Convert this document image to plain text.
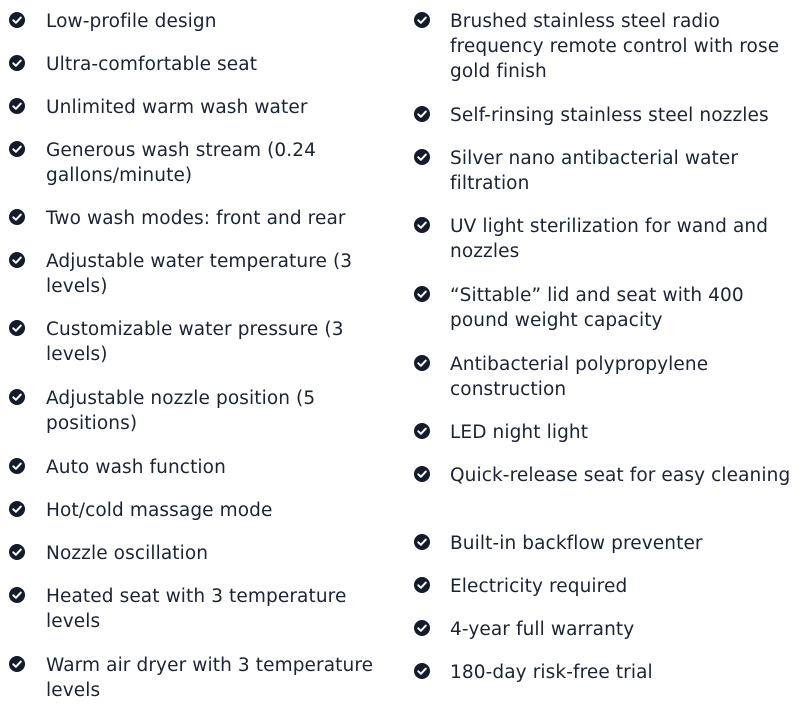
Low-profile design
Ultra-comfortable seat
Unlimited warm wash water
Generous wash stream (0.24 gallons/minute)
Two wash modes: front and rear
Adjustable water temperature (3 levels)
Customizable water pressure (3 levels)
Adjustable nozzle position (5 positions)
Auto wash function
Hot/cold massage mode
Nozzle oscillation
Heated seat with 3 temperature levels
Warm air dryer with 3 temperature levels
Brushed stainless steel radio frequency remote control with rose gold finish
Self-rinsing stainless steel nozzles
Silver nano antibacterial water filtration
UV light sterilization for wand and nozzles
“Sittable” lid and seat with 400 pound weight capacity
Antibacterial polypropylene construction
LED night light
Quick-release seat for easy cleaning
Built-in backflow preventer
Electricity required
4-year full warranty
180-day risk-free trial
